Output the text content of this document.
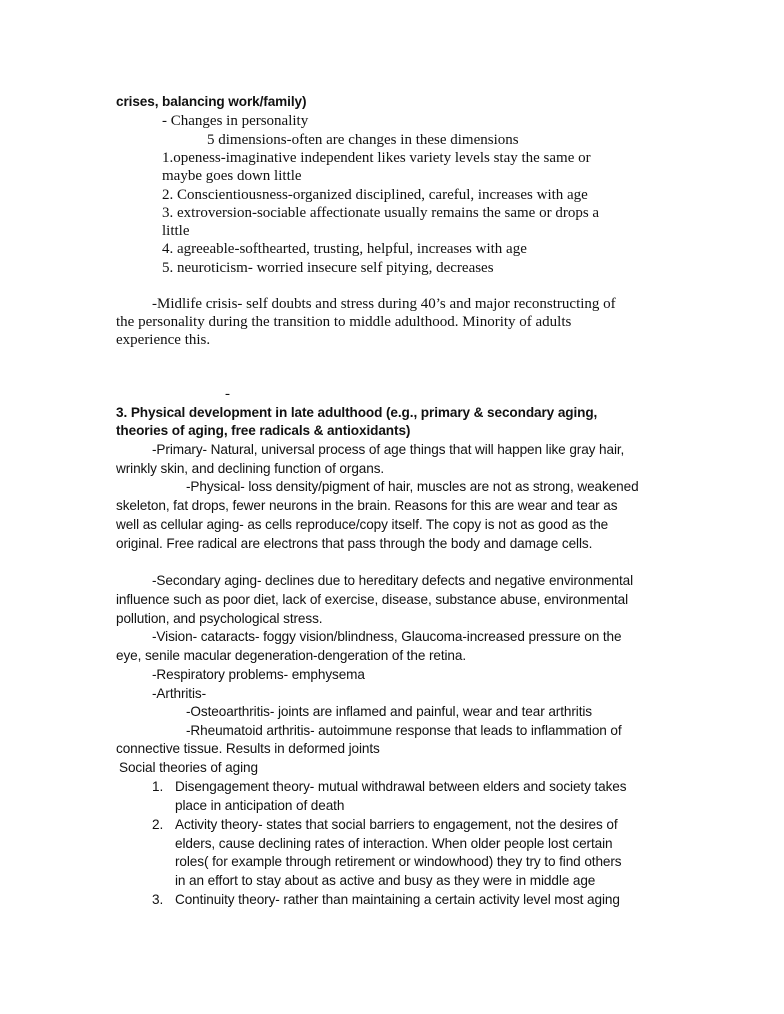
crises, balancing work/family)
- Changes in personality
5 dimensions-often are changes in these dimensions
1.openess-imaginative independent likes variety levels stay the same or
maybe goes down little
2. Conscientiousness-organized disciplined, careful, increases with age
3. extroversion-sociable affectionate usually remains the same or drops a
little
4. agreeable-softhearted, trusting, helpful, increases with age
5. neuroticism- worried insecure self pitying, decreases
-Midlife crisis- self doubts and stress during 40’s and major reconstructing of
the personality during the transition to middle adulthood. Minority of adults
experience this.
-
3. Physical development in late adulthood (e.g., primary & secondary aging,
theories of aging, free radicals & antioxidants)
-Primary- Natural, universal process of age things that will happen like gray hair,
wrinkly skin, and declining function of organs.
-Physical- loss density/pigment of hair, muscles are not as strong, weakened
skeleton, fat drops, fewer neurons in the brain. Reasons for this are wear and tear as
well as cellular aging- as cells reproduce/copy itself. The copy is not as good as the
original. Free radical are electrons that pass through the body and damage cells.
-Secondary aging- declines due to hereditary defects and negative environmental
influence such as poor diet, lack of exercise, disease, substance abuse, environmental
pollution, and psychological stress.
-Vision- cataracts- foggy vision/blindness, Glaucoma-increased pressure on the
eye, senile macular degeneration-dengeration of the retina.
-Respiratory problems- emphysema
-Arthritis-
-Osteoarthritis- joints are inflamed and painful, wear and tear arthritis
-Rheumatoid arthritis- autoimmune response that leads to inflammation of
connective tissue. Results in deformed joints
Social theories of aging
1. Disengagement theory- mutual withdrawal between elders and society takes
place in anticipation of death
2. Activity theory- states that social barriers to engagement, not the desires of
elders, cause declining rates of interaction. When older people lost certain
roles( for example through retirement or windowhood) they try to find others
in an effort to stay about as active and busy as they were in middle age
3. Continuity theory- rather than maintaining a certain activity level most aging
